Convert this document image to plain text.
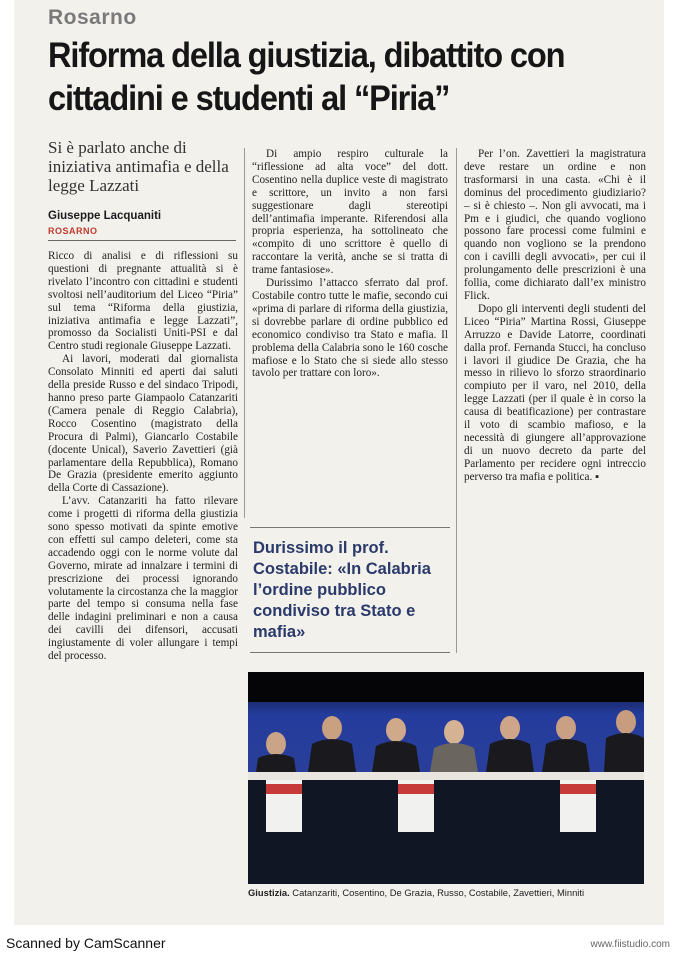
Rosarno
Riforma della giustizia, dibattito con cittadini e studenti al “Piria”
Si è parlato anche di iniziativa antimafia e della legge Lazzati
Giuseppe Lacquaniti
ROSARNO

Ricco di analisi e di riflessioni su questioni di pregnante attualità si è rivelato l’incontro con cittadini e studenti svoltosi nell’auditorium del Liceo “Piria” sul tema “Riforma della giustizia, iniziativa antimafia e legge Lazzati”, promosso da Socialisti Uniti-PSI e dal Centro studi regionale Giuseppe Lazzati.

Ai lavori, moderati dal giornalista Consolato Minniti ed aperti dai saluti della preside Russo e del sindaco Tripodi, hanno preso parte Giampaolo Catanzariti (Camera penale di Reggio Calabria), Rocco Cosentino (magistrato della Procura di Palmi), Giancarlo Costabile (docente Unical), Saverio Zavettieri (già parlamentare della Repubblica), Romano De Grazia (presidente emerito aggiunto della Corte di Cassazione).

L’avv. Catanzariti ha fatto rilevare come i progetti di riforma della giustizia sono spesso motivati da spinte emotive con effetti sul campo deleteri, come sta accadendo oggi con le norme volute dal Governo, mirate ad innalzare i termini di prescrizione dei processi ignorando volutamente la circostanza che la maggior parte del tempo si consuma nella fase delle indagini preliminari e non a causa dei cavilli dei difensori, accusati ingiustamente di voler allungare i tempi del processo.

Di ampio respiro culturale la “riflessione ad alta voce” del dott. Cosentino nella duplice veste di magistrato e scrittore, un invito a non farsi suggestionare dagli stereotipi dell’antimafia imperante. Riferendosi alla propria esperienza, ha sottolineato che «compito di uno scrittore è quello di raccontare la verità, anche se si tratta di trame fantasiose».

Durissimo l’attacco sferrato dal prof. Costabile contro tutte le mafie, secondo cui «prima di parlare di riforma della giustizia, si dovrebbe parlare di ordine pubblico ed economico condiviso tra Stato e mafia. Il problema della Calabria sono le 160 cosche mafiose e lo Stato che si siede allo stesso tavolo per trattare con loro».

Durissimo il prof. Costabile: «In Calabria l’ordine pubblico condiviso tra Stato e mafia»

Per l’on. Zavettieri la magistratura deve restare un ordine e non trasformarsi in una casta. «Chi è il dominus del procedimento giudiziario? – si è chiesto –. Non gli avvocati, ma i Pm e i giudici, che quando vogliono possono fare processi come fulmini e quando non vogliono se la prendono con i cavilli degli avvocati», per cui il prolungamento delle prescrizioni è una follia, come dichiarato dall’ex ministro Flick.

Dopo gli interventi degli studenti del Liceo “Piria” Martina Rossi, Giuseppe Arruzzo e Davide Latorre, coordinati dalla prof. Fernanda Stucci, ha concluso i lavori il giudice De Grazia, che ha messo in rilievo lo sforzo straordinario compiuto per il varo, nel 2010, della legge Lazzati (per il quale è in corso la causa di beatificazione) per contrastare il voto di scambio mafioso, e la necessità di giungere all’approvazione di un nuovo decreto da parte del Parlamento per recidere ogni intreccio perverso tra mafia e politica. ▪

Giustizia. Catanzariti, Cosentino, De Grazia, Russo, Costabile, Zavettieri, Minniti
Scanned by CamScanner	www.fiistudio.com
